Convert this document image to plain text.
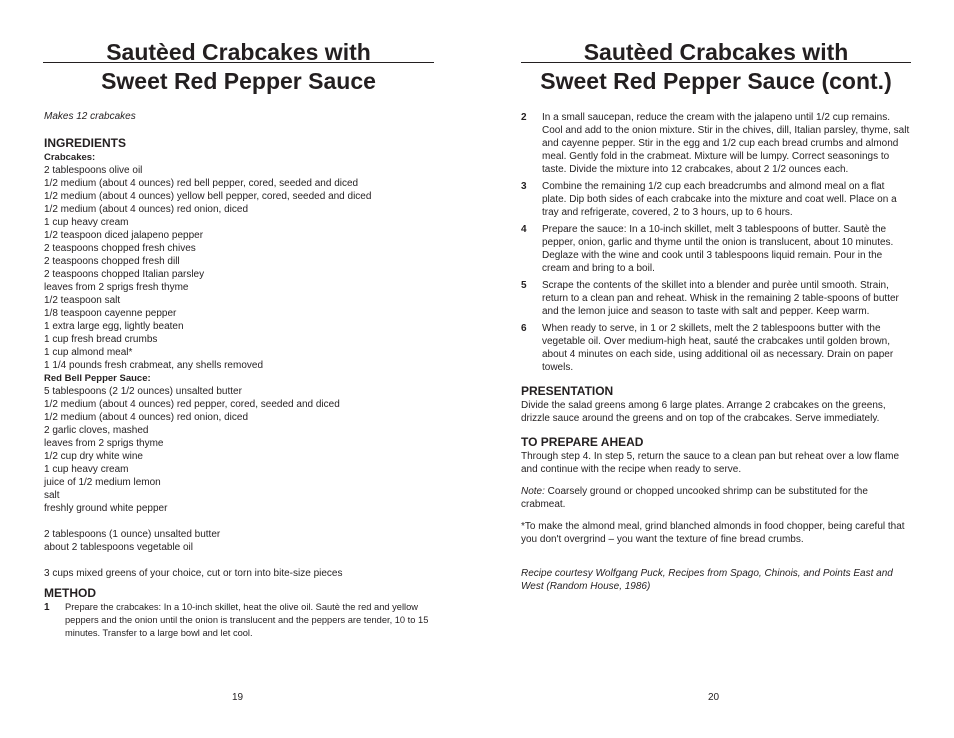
Sautèed Crabcakes with
Sweet Red Pepper Sauce

Makes 12 crabcakes

INGREDIENTS

Crabcakes:

2 tablespoons olive oil

1/2 medium (about 4 ounces) red bell pepper, cored, seeded and diced

1/2 medium (about 4 ounces) yellow bell pepper, cored, seeded and diced

1/2 medium (about 4 ounces) red onion, diced

1 cup heavy cream

1/2 teaspoon diced jalapeno pepper

2 teaspoons chopped fresh chives

2 teaspoons chopped fresh dill

2 teaspoons chopped Italian parsley

leaves from 2 sprigs fresh thyme

1/2 teaspoon salt

1/8 teaspoon cayenne pepper

1 extra large egg, lightly beaten

1 cup fresh bread crumbs

1 cup almond meal*

1 1/4 pounds fresh crabmeat, any shells removed

Red Bell Pepper Sauce:

5 tablespoons (2 1/2 ounces) unsalted butter

1/2 medium (about 4 ounces) red pepper, cored, seeded and diced

1/2 medium (about 4 ounces) red onion, diced

2 garlic cloves, mashed

leaves from 2 sprigs thyme

1/2 cup dry white wine

1 cup heavy cream

juice of 1/2 medium lemon

salt

freshly ground white pepper

2 tablespoons (1 ounce) unsalted butter

about 2 tablespoons vegetable oil

3 cups mixed greens of your choice, cut or torn into bite-size pieces

METHOD

1	Prepare the crabcakes: In a 10-inch skillet, heat the olive oil. Sautè the red and yellow peppers and the onion until the onion is translucent and the peppers are tender, 10 to 15 minutes. Transfer to a large bowl and let cool.
19
Sautèed Crabcakes with
Sweet Red Pepper Sauce (cont.)
2	In a small saucepan, reduce the cream with the jalapeno until 1/2 cup remains. Cool and add to the onion mixture. Stir in the chives, dill, Italian parsley, thyme, salt and cayenne pepper. Stir in the egg and 1/2 cup each bread crumbs and almond meal. Gently fold in the crabmeat. Mixture will be lumpy. Correct seasonings to taste. Divide the mixture into 12 crabcakes, about 2 1/2 ounces each.
3	Combine the remaining 1/2 cup each breadcrumbs and almond meal on a flat plate. Dip both sides of each crabcake into the mixture and coat well. Place on a tray and refrigerate, covered, 2 to 3 hours, up to 6 hours.
4	Prepare the sauce: In a 10-inch skillet, melt 3 tablespoons of butter. Sautè the pepper, onion, garlic and thyme until the onion is translucent, about 10 minutes. Deglaze with the wine and cook until 3 tablespoons liquid remain. Pour in the cream and bring to a boil.
5	Scrape the contents of the skillet into a blender and purèe until smooth. Strain, return to a clean pan and reheat. Whisk in the remaining 2 table-spoons of butter and the lemon juice and season to taste with salt and pepper. Keep warm.
6	When ready to serve, in 1 or 2 skillets, melt the 2 tablespoons butter with the vegetable oil. Over medium-high heat, sauté the crabcakes until golden brown, about 4 minutes on each side, using additional oil as necessary. Drain on paper towels.

PRESENTATION

Divide the salad greens among 6 large plates. Arrange 2 crabcakes on the greens, drizzle sauce around the greens and on top of the crabcakes. Serve immediately.

TO PREPARE AHEAD

Through step 4. In step 5, return the sauce to a clean pan but reheat over a low flame and continue with the recipe when ready to serve.

Note: Coarsely ground or chopped uncooked shrimp can be substituted for the crabmeat.

*To make the almond meal, grind blanched almonds in food chopper, being careful that you don't overgrind – you want the texture of fine bread crumbs.

Recipe courtesy Wolfgang Puck, Recipes from Spago, Chinois, and Points East and West (Random House, 1986)

20
